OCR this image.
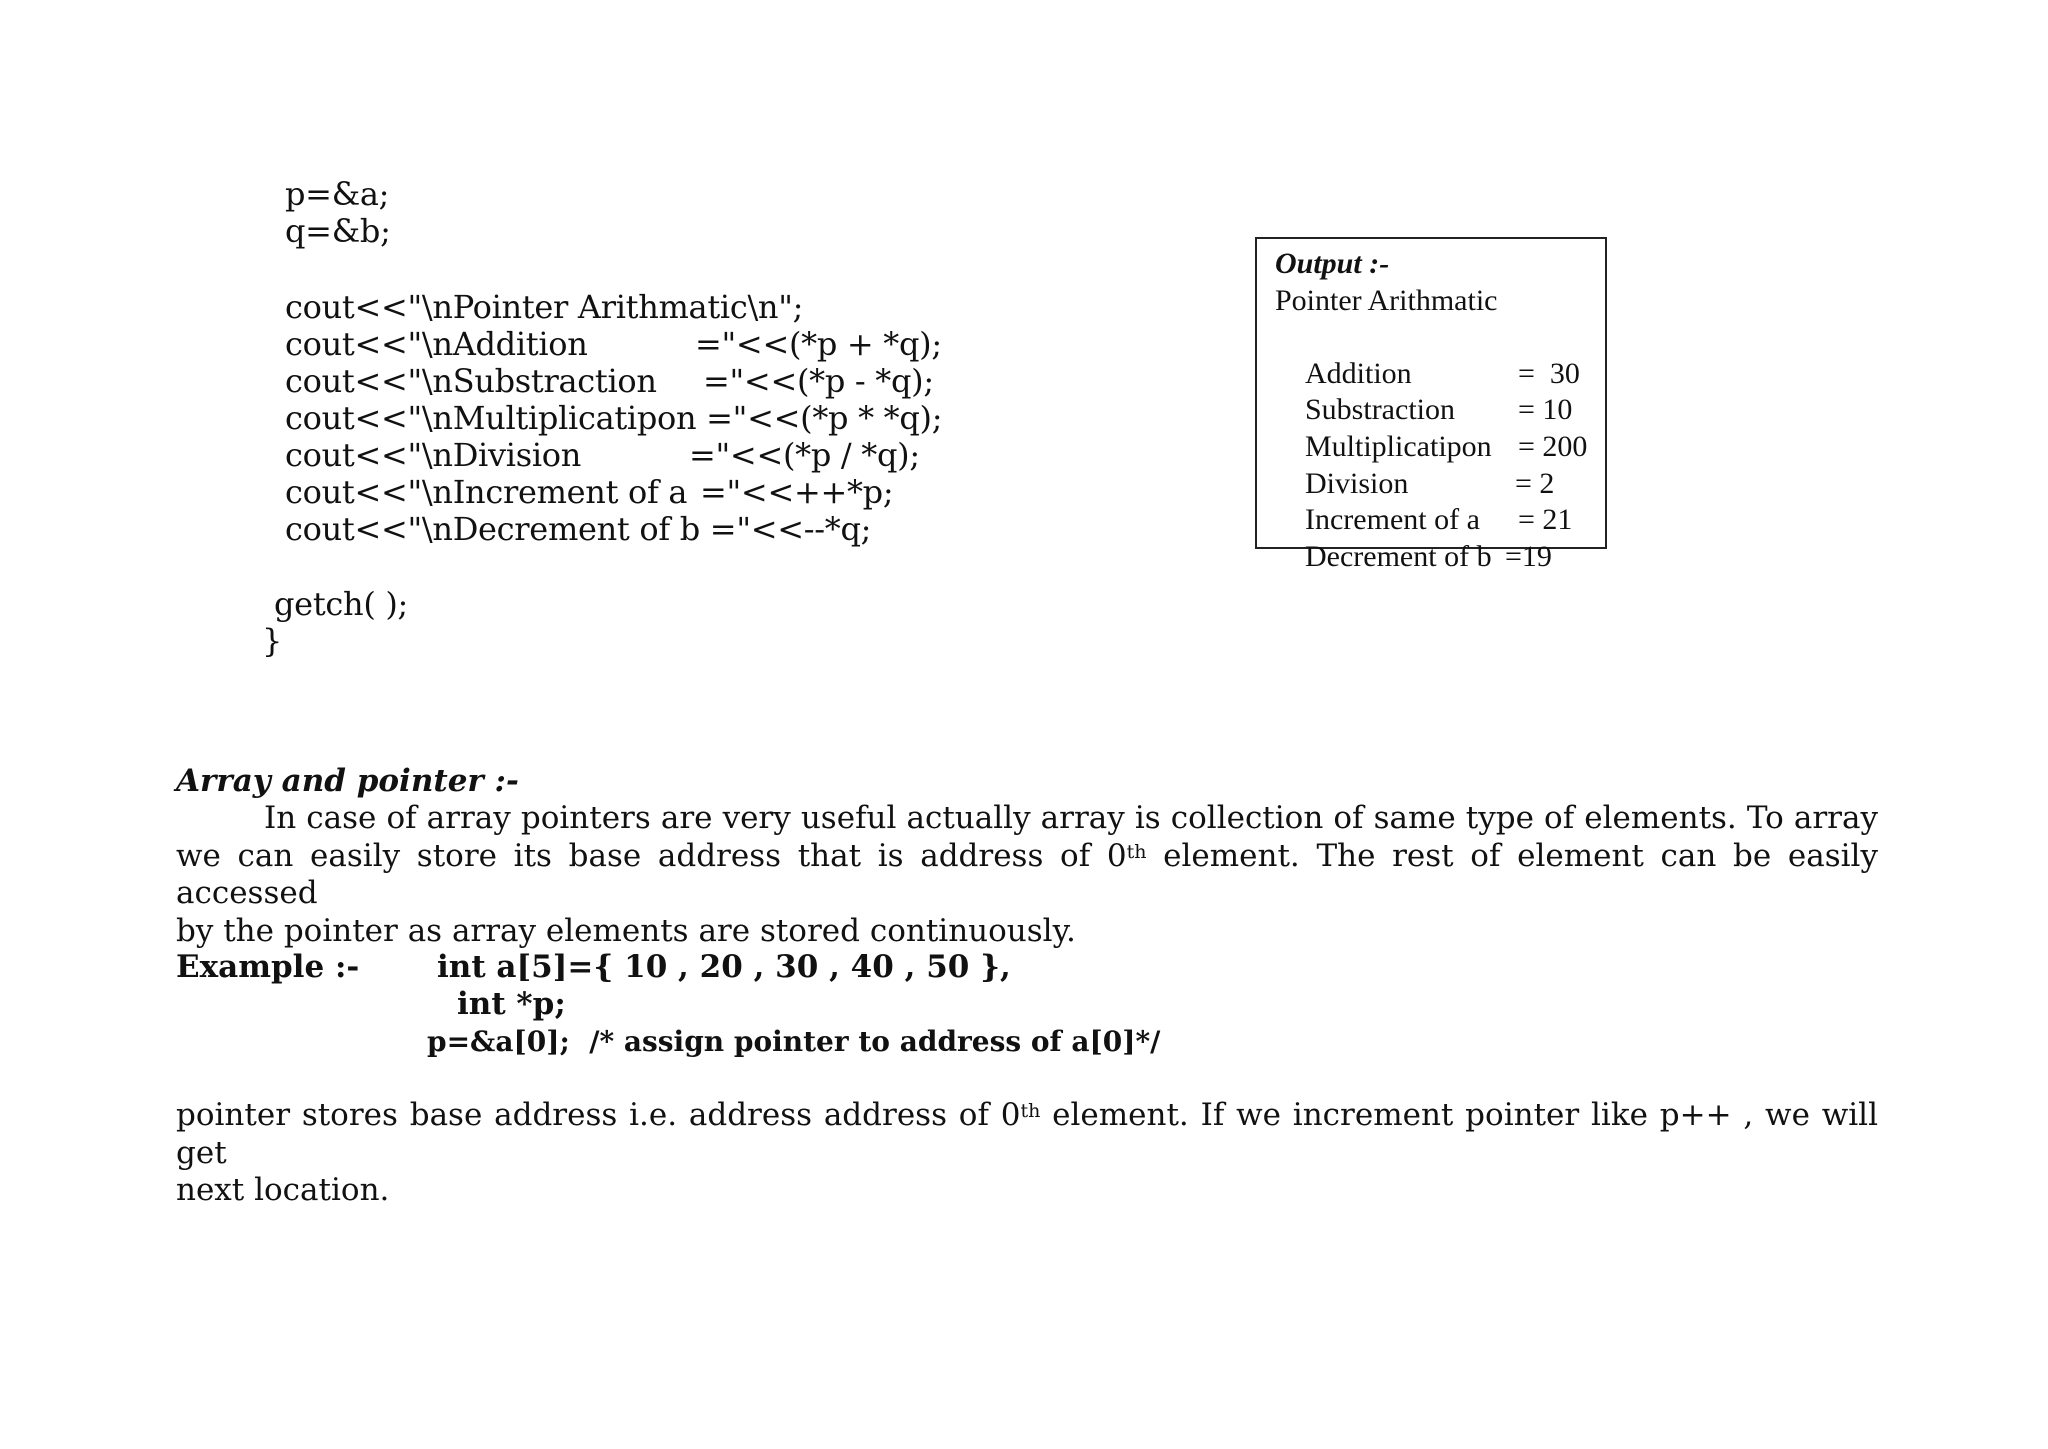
p=&a;
q=&b;
cout<<"\nPointer Arithmatic\n";
cout<<"\nAddition	="<<(*p + *q);
cout<<"\nSubstraction ="<<(*p - *q);
cout<<"\nMultiplicatipon ="<<(*p * *q);
cout<<"\nDivision	="<<(*p / *q);
cout<<"\nIncrement of a ="<<++*p;
cout<<"\nDecrement of b ="<<--*q;
getch( );
}
Output :-
Pointer Arithmatic

Addition	=  30

Substraction = 10

Multiplicatipon = 200

Division	= 2

Increment of a = 21

Decrement of b =19

Array and pointer :-
In case of array pointers are very useful actually array is collection of same type of elements. To array
we can easily store its base address that is address of 0th element. The rest of element can be easily accessed
by the pointer as array elements are stored continuously.
Example :-	int a[5]={ 10 , 20 , 30 , 40 , 50 },
int *p;
p=&a[0];  /* assign pointer to address of a[0]*/
pointer stores base address i.e. address address of 0th element. If we increment pointer like p++ , we will get
next location.
